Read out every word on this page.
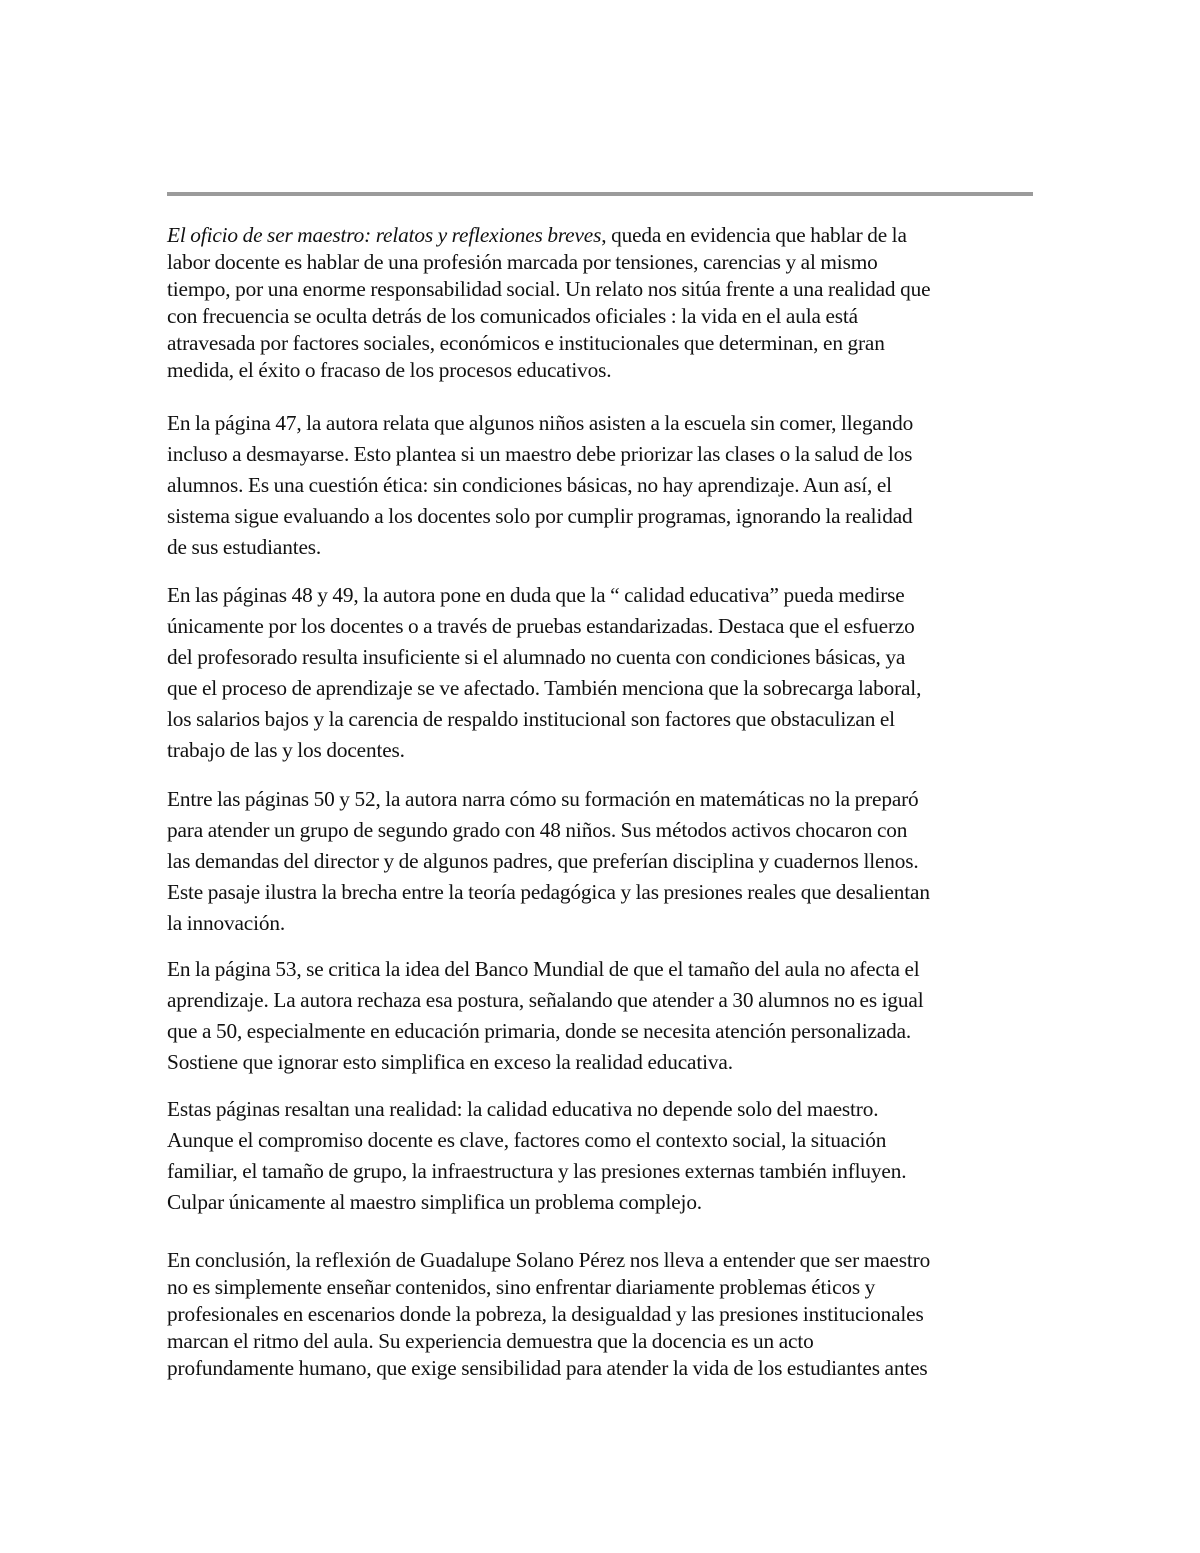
El oficio de ser maestro: relatos y reflexiones breves, queda en evidencia que hablar de la
labor docente es hablar de una profesión marcada por tensiones, carencias y al mismo
tiempo, por una enorme responsabilidad social. Un relato nos sitúa frente a una realidad que
con frecuencia se oculta detrás de los comunicados oficiales : la vida en el aula está
atravesada por factores sociales, económicos e institucionales que determinan, en gran
medida, el éxito o fracaso de los procesos educativos.

En la página 47, la autora relata que algunos niños asisten a la escuela sin comer, llegando
incluso a desmayarse. Esto plantea si un maestro debe priorizar las clases o la salud de los
alumnos. Es una cuestión ética: sin condiciones básicas, no hay aprendizaje. Aun así, el
sistema sigue evaluando a los docentes solo por cumplir programas, ignorando la realidad
de sus estudiantes.

En las páginas 48 y 49, la autora pone en duda que la “ calidad educativa” pueda medirse
únicamente por los docentes o a través de pruebas estandarizadas. Destaca que el esfuerzo
del profesorado resulta insuficiente si el alumnado no cuenta con condiciones básicas, ya
que el proceso de aprendizaje se ve afectado. También menciona que la sobrecarga laboral,
los salarios bajos y la carencia de respaldo institucional son factores que obstaculizan el
trabajo de las y los docentes.

Entre las páginas 50 y 52, la autora narra cómo su formación en matemáticas no la preparó
para atender un grupo de segundo grado con 48 niños. Sus métodos activos chocaron con
las demandas del director y de algunos padres, que preferían disciplina y cuadernos llenos.
Este pasaje ilustra la brecha entre la teoría pedagógica y las presiones reales que desalientan
la innovación.

En la página 53, se critica la idea del Banco Mundial de que el tamaño del aula no afecta el
aprendizaje. La autora rechaza esa postura, señalando que atender a 30 alumnos no es igual
que a 50, especialmente en educación primaria, donde se necesita atención personalizada.
Sostiene que ignorar esto simplifica en exceso la realidad educativa.

Estas páginas resaltan una realidad: la calidad educativa no depende solo del maestro.
Aunque el compromiso docente es clave, factores como el contexto social, la situación
familiar, el tamaño de grupo, la infraestructura y las presiones externas también influyen.
Culpar únicamente al maestro simplifica un problema complejo.

En conclusión, la reflexión de Guadalupe Solano Pérez nos lleva a entender que ser maestro
no es simplemente enseñar contenidos, sino enfrentar diariamente problemas éticos y
profesionales en escenarios donde la pobreza, la desigualdad y las presiones institucionales
marcan el ritmo del aula. Su experiencia demuestra que la docencia es un acto
profundamente humano, que exige sensibilidad para atender la vida de los estudiantes antes
